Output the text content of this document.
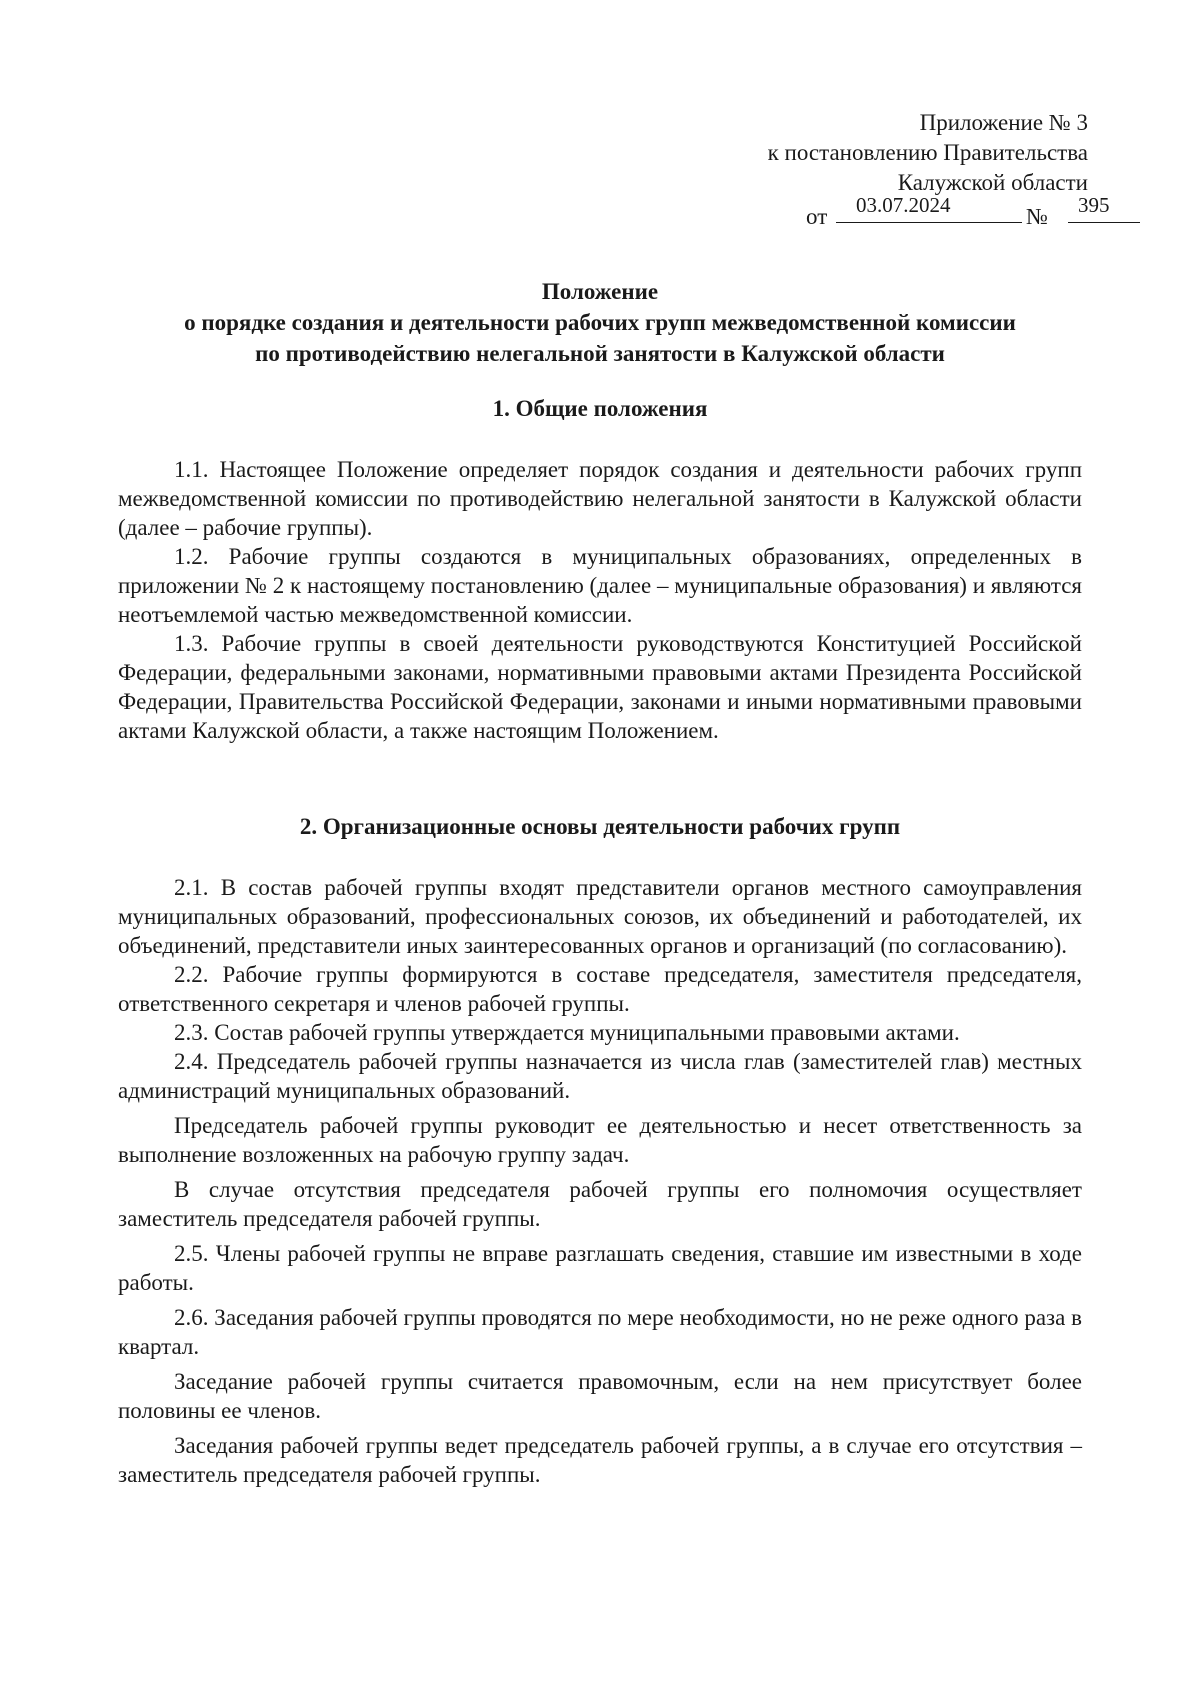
Приложение № 3
к постановлению Правительства
Калужской области
от 03.07.2024	№ 395
Положение
о порядке создания и деятельности рабочих групп межведомственной комиссии
по противодействию нелегальной занятости в Калужской области
1. Общие положения

1.1. Настоящее Положение определяет порядок создания и деятельности рабочих групп межведомственной комиссии по противодействию нелегальной занятости в Калужской области (далее – рабочие группы).

1.2. Рабочие группы создаются в муниципальных образованиях, определенных в приложении № 2 к настоящему постановлению (далее – муниципальные образования) и являются неотъемлемой частью межведомственной комиссии.

1.3. Рабочие группы в своей деятельности руководствуются Конституцией Российской Федерации, федеральными законами, нормативными правовыми актами Президента Российской Федерации, Правительства Российской Федерации, законами и иными нормативными правовыми актами Калужской области, а также настоящим Положением.

2. Организационные основы деятельности рабочих групп

2.1. В состав рабочей группы входят представители органов местного самоуправления муниципальных образований, профессиональных союзов, их объединений и работодателей, их объединений, представители иных заинтересованных органов и организаций (по согласованию).

2.2. Рабочие группы формируются в составе председателя, заместителя председателя, ответственного секретаря и членов рабочей группы.

2.3. Состав рабочей группы утверждается муниципальными правовыми актами.

2.4. Председатель рабочей группы назначается из числа глав (заместителей глав) местных администраций муниципальных образований.

Председатель рабочей группы руководит ее деятельностью и несет ответственность за выполнение возложенных на рабочую группу задач.

В случае отсутствия председателя рабочей группы его полномочия осуществляет заместитель председателя рабочей группы.

2.5. Члены рабочей группы не вправе разглашать сведения, ставшие им известными в ходе работы.

2.6. Заседания рабочей группы проводятся по мере необходимости, но не реже одного раза в квартал.

Заседание рабочей группы считается правомочным, если на нем присутствует более половины ее членов.

Заседания рабочей группы ведет председатель рабочей группы, а в случае его отсутствия – заместитель председателя рабочей группы.
